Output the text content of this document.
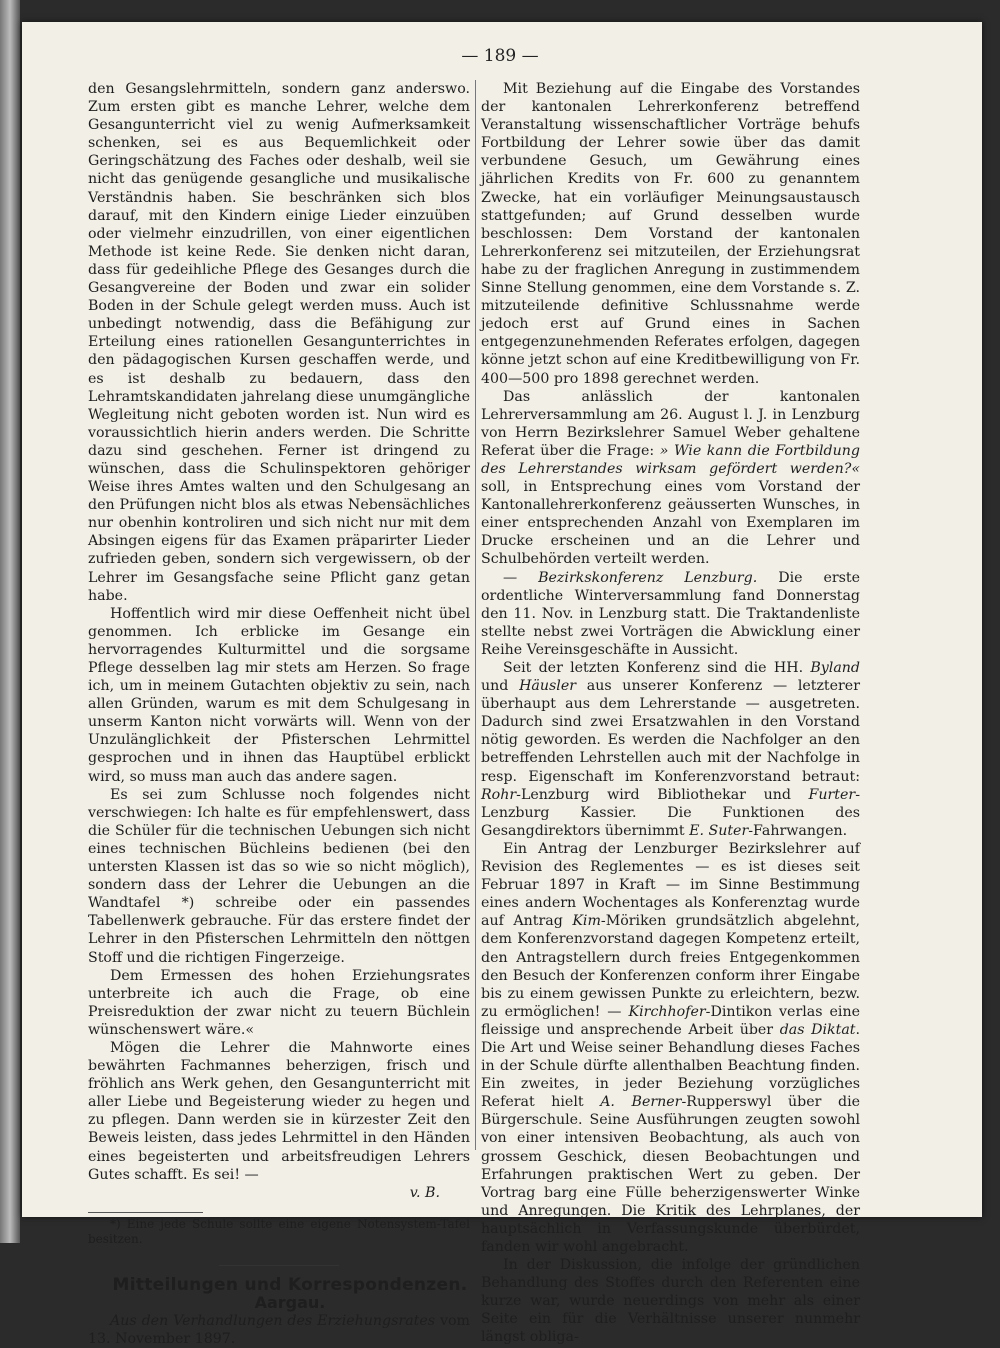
— 189 —

den Gesangslehrmitteln, sondern ganz anderswo. Zum ersten gibt es manche Lehrer, welche dem Gesangunterricht viel zu wenig Aufmerksamkeit schenken, sei es aus Bequemlichkeit oder Geringschätzung des Faches oder deshalb, weil sie nicht das genügende gesangliche und musikalische Verständnis haben. Sie beschränken sich blos darauf, mit den Kindern einige Lieder einzuüben oder vielmehr einzudrillen, von einer eigentlichen Methode ist keine Rede. Sie denken nicht daran, dass für gedeihliche Pflege des Gesanges durch die Gesangvereine der Boden und zwar ein solider Boden in der Schule gelegt werden muss. Auch ist unbedingt notwendig, dass die Befähigung zur Erteilung eines rationellen Gesangunterrichtes in den pädagogischen Kursen geschaffen werde, und es ist deshalb zu bedauern, dass den Lehramtskandidaten jahrelang diese unumgängliche Wegleitung nicht geboten worden ist. Nun wird es voraussichtlich hierin anders werden. Die Schritte dazu sind geschehen. Ferner ist dringend zu wünschen, dass die Schulinspektoren gehöriger Weise ihres Amtes walten und den Schulgesang an den Prüfungen nicht blos als etwas Nebensächliches nur obenhin kontroliren und sich nicht nur mit dem Absingen eigens für das Examen präparirter Lieder zufrieden geben, sondern sich vergewissern, ob der Lehrer im Gesangsfache seine Pflicht ganz getan habe.

Hoffentlich wird mir diese Oeffenheit nicht übel genommen. Ich erblicke im Gesange ein hervorragendes Kulturmittel und die sorgsame Pflege desselben lag mir stets am Herzen. So frage ich, um in meinem Gutachten objektiv zu sein, nach allen Gründen, warum es mit dem Schulgesang in unserm Kanton nicht vorwärts will. Wenn von der Unzulänglichkeit der Pfisterschen Lehrmittel gesprochen und in ihnen das Hauptübel erblickt wird, so muss man auch das andere sagen.

Es sei zum Schlusse noch folgendes nicht verschwiegen: Ich halte es für empfehlenswert, dass die Schüler für die technischen Uebungen sich nicht eines technischen Büchleins bedienen (bei den untersten Klassen ist das so wie so nicht möglich), sondern dass der Lehrer die Uebungen an die Wandtafel *) schreibe oder ein passendes Tabellenwerk gebrauche. Für das erstere findet der Lehrer in den Pfisterschen Lehrmitteln den nöttgen Stoff und die richtigen Fingerzeige.

Dem Ermessen des hohen Erziehungsrates unterbreite ich auch die Frage, ob eine Preisreduktion der zwar nicht zu teuern Büchlein wünschenswert wäre.«

Mögen die Lehrer die Mahnworte eines bewährten Fachmannes beherzigen, frisch und fröhlich ans Werk gehen, den Gesangunterricht mit aller Liebe und Begeisterung wieder zu hegen und zu pflegen. Dann werden sie in kürzester Zeit den Beweis leisten, dass jedes Lehrmittel in den Händen eines begeisterten und arbeitsfreudigen Lehrers Gutes schafft. Es sei! —

v. B.

*) Eine jede Schule sollte eine eigene Notensystem-Tafel besitzen.

Mitteilungen und Korrespondenzen.

Aargau.

Aus den Verhandlungen des Erziehungsrates vom 13. November 1897.

Mit Beziehung auf die Eingabe des Vorstandes der kantonalen Lehrerkonferenz betreffend Veranstaltung wissenschaftlicher Vorträge behufs Fortbildung der Lehrer sowie über das damit verbundene Gesuch, um Gewährung eines jährlichen Kredits von Fr. 600 zu genanntem Zwecke, hat ein vorläufiger Meinungsaustausch stattgefunden; auf Grund desselben wurde beschlossen: Dem Vorstand der kantonalen Lehrerkonferenz sei mitzuteilen, der Erziehungsrat habe zu der fraglichen Anregung in zustimmendem Sinne Stellung genommen, eine dem Vorstande s. Z. mitzuteilende definitive Schlussnahme werde jedoch erst auf Grund eines in Sachen entgegenzunehmenden Referates erfolgen, dagegen könne jetzt schon auf eine Kreditbewilligung von Fr. 400—500 pro 1898 gerechnet werden.

Das anlässlich der kantonalen Lehrerversammlung am 26. August l. J. in Lenzburg von Herrn Bezirkslehrer Samuel Weber gehaltene Referat über die Frage: » Wie kann die Fortbildung des Lehrerstandes wirksam gefördert werden?« soll, in Entsprechung eines vom Vorstand der Kantonallehrerkonferenz geäusserten Wunsches, in einer entsprechenden Anzahl von Exemplaren im Drucke erscheinen und an die Lehrer und Schulbehörden verteilt werden.

— Bezirkskonferenz Lenzburg. Die erste ordentliche Winterversammlung fand Donnerstag den 11. Nov. in Lenzburg statt. Die Traktandenliste stellte nebst zwei Vorträgen die Abwicklung einer Reihe Vereinsgeschäfte in Aussicht.

Seit der letzten Konferenz sind die HH. Byland und Häusler aus unserer Konferenz — letzterer überhaupt aus dem Lehrerstande — ausgetreten. Dadurch sind zwei Ersatzwahlen in den Vorstand nötig geworden. Es werden die Nachfolger an den betreffenden Lehrstellen auch mit der Nachfolge in resp. Eigenschaft im Konferenzvorstand betraut: Rohr-Lenzburg wird Bibliothekar und Furter-Lenzburg Kassier. Die Funktionen des Gesangdirektors übernimmt E. Suter-Fahrwangen.

Ein Antrag der Lenzburger Bezirkslehrer auf Revision des Reglementes — es ist dieses seit Februar 1897 in Kraft — im Sinne Bestimmung eines andern Wochentages als Konferenztag wurde auf Antrag Kim-Möriken grundsätzlich abgelehnt, dem Konferenzvorstand dagegen Kompetenz erteilt, den Antragstellern durch freies Entgegenkommen den Besuch der Konferenzen conform ihrer Eingabe bis zu einem gewissen Punkte zu erleichtern, bezw. zu ermöglichen! — Kirchhofer-Dintikon verlas eine fleissige und ansprechende Arbeit über das Diktat. Die Art und Weise seiner Behandlung dieses Faches in der Schule dürfte allenthalben Beachtung finden. Ein zweites, in jeder Beziehung vorzügliches Referat hielt A. Berner-Rupperswyl über die Bürgerschule. Seine Ausführungen zeugten sowohl von einer intensiven Beobachtung, als auch von grossem Geschick, diesen Beobachtungen und Erfahrungen praktischen Wert zu geben. Der Vortrag barg eine Fülle beherzigenswerter Winke und Anregungen. Die Kritik des Lehrplanes, der hauptsächlich in Verfassungskunde überbürdet, fanden wir wohl angebracht.

In der Diskussion, die infolge der gründlichen Behandlung des Stoffes durch den Referenten eine kurze war, wurde neuerdings von mehr als einer Seite ein für die Verhältnisse unserer nunmehr längst obliga-
